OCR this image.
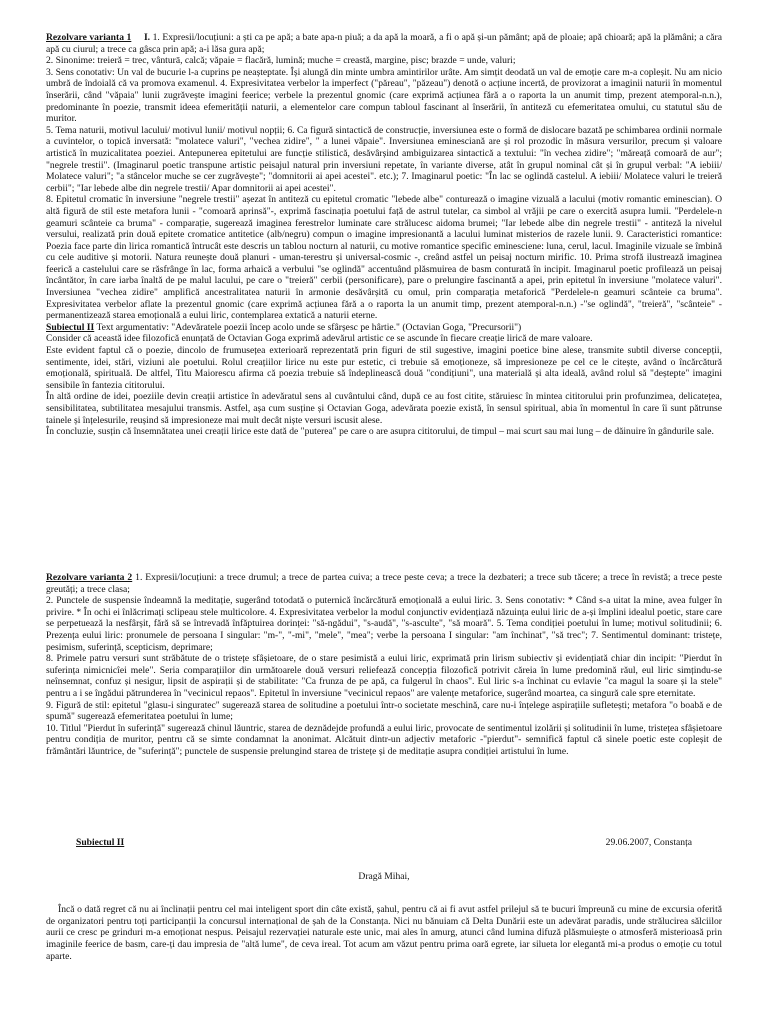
Rezolvare varianta 1 I. 1. Expresii/locuțiuni: a ști ca pe apă; a bate apa-n piuă; a da apă la moară, a fi o apă și-un pământ; apă de ploaie; apă chioară; apă la plămâni; a căra apă cu ciurul; a trece ca gâsca prin apă; a-i lăsa gura apă;

2. Sinonime: treieră = trec, vânturā, calcă; văpaie = flacără, lumină; muche = creastă, margine, pisc; brazde = unde, valuri;

3. Sens conotativ: Un val de bucurie l-a cuprins pe neașteptate. Își alungă din minte umbra amintirilor urâte. Am simțit deodată un val de emoție care m-a copleșit. Nu am nicio umbră de îndoială că va promova examenul. 4. Expresivitatea verbelor la imperfect ("păreau", "păzeau") denotă o acțiune incertă, de provizorat a imaginii naturii în momentul înserării, când "văpaia" lunii zugrăvește imagini feerice; verbele la prezentul gnomic (care exprimă acțiunea fără a o raporta la un anumit timp, prezent atemporal-n.n.), predominante în poezie, transmit ideea efemerității naturii, a elementelor care compun tabloul fascinant al înserării, în antiteză cu efemeritatea omului, cu statutul său de muritor.

5. Tema naturii, motivul lacului/ motivul lunii/ motivul nopții; 6. Ca figură sintactică de construcție, inversiunea este o formă de dislocare bazată pe schimbarea ordinii normale a cuvintelor, o topică inversată: "molatece valuri", "vechea zidire", " a lunei văpaie". Inversiunea eminesciană are și rol prozodic în măsura versurilor, precum și valoare artistică în muzicalitatea poeziei. Antepunerea epitetului are funcție stilistică, desăvârșind ambiguizarea sintactică a textului: "în vechea zidire"; "măreață comoară de aur"; "negrele trestii". (Imaginarul poetic transpune artistic peisajul natural prin inversiuni repetate, în variante diverse, atât în grupul nominal cât și în grupul verbal: "A iebiii/ Molatece valuri"; "a stâncelor muche se cer zugrăvește"; "domnitorii ai apei acestei". etc.); 7. Imaginarul poetic: "În lac se oglindă castelul. A iebiii/ Molatece valuri le treieră cerbii"; "Iar lebede albe din negrele trestii/ Apar domnitorii ai apei acestei".

8. Epitetul cromatic în inversiune "negrele trestii" așezat în antiteză cu epitetul cromatic "lebede albe" conturează o imagine vizuală a lacului (motiv romantic eminescian). O altă figură de stil este metafora lunii - "comoară aprinsă"-, exprimă fascinația poetului față de astrul tutelar, ca simbol al vrăjii pe care o exercită asupra lumii. "Perdelele-n geamuri scânteie ca bruma" - comparație, sugerează imaginea ferestrelor luminate care strălucesc aidoma brumei; "Iar lebede albe din negrele trestii" - antiteză la nivelul versului, realizată prin două epitete cromatice antitetice (alb/negru) compun o imagine impresionantă a lacului luminat misterios de razele lunii. 9. Caracteristici romantice: Poezia face parte din lirica romantică întrucât este descris un tablou nocturn al naturii, cu motive romantice specific eminesciene: luna, cerul, lacul. Imaginile vizuale se îmbină cu cele auditive și motorii. Natura reunește două planuri - uman-terestru și universal-cosmic -, creând astfel un peisaj nocturn mirific. 10. Prima strofă ilustrează imaginea feerică a castelului care se răsfrânge în lac, forma arhaică a verbului "se oglindă" accentuând plăsmuirea de basm conturată în incipit. Imaginarul poetic profilează un peisaj încântător, în care iarba înaltă de pe malul lacului, pe care o "treieră" cerbii (personificare), pare o prelungire fascinantă a apei, prin epitetul în inversiune "molatece valuri". Inversiunea "vechea zidire" amplifică ancestralitatea naturii în armonie desăvârșită cu omul, prin comparația metaforică "Perdelele-n geamuri scânteie ca bruma". Expresivitatea verbelor aflate la prezentul gnomic (care exprimă acțiunea fără a o raporta la un anumit timp, prezent atemporal-n.n.) -"se oglindă", "treieră", "scânteie" - permanentizează starea emoțională a eului liric, contemplarea extatică a naturii eterne.

Subiectul II Text argumentativ: "Adevăratele poezii încep acolo unde se sfârșesc pe hârtie." (Octavian Goga, "Precursorii")

Consider că această idee filozofică enunțată de Octavian Goga exprimă adevărul artistic ce se ascunde în fiecare creație lirică de mare valoare.

Este evident faptul că o poezie, dincolo de frumusețea exterioară reprezentată prin figuri de stil sugestive, imagini poetice bine alese, transmite subtil diverse concepții, sentimente, idei, stări, viziuni ale poetului. Rolul creațiilor lirice nu este pur estetic, ci trebuie să emoționeze, să impresioneze pe cel ce le citește, având o încărcătură emoțională, spirituală. De altfel, Titu Maiorescu afirma că poezia trebuie să îndeplinească două "condițiuni", una materială și alta ideală, având rolul să "deștepte" imagini sensibile în fantezia cititorului.

În altă ordine de idei, poeziile devin creații artistice în adevăratul sens al cuvântului când, după ce au fost citite, stăruiesc în mintea cititorului prin profunzimea, delicatețea, sensibilitatea, subtilitatea mesajului transmis. Astfel, așa cum susține și Octavian Goga, adevărata poezie există, în sensul spiritual, abia în momentul în care îi sunt pătrunse tainele și înțelesurile, reușind să impresioneze mai mult decât niște versuri iscusit alese.

În concluzie, susțin că însemnătatea unei creații lirice este dată de "puterea" pe care o are asupra cititorului, de timpul – mai scurt sau mai lung – de dăinuire în gândurile sale.

Rezolvare varianta 2 1. Expresii/locuțiuni: a trece drumul; a trece de partea cuiva; a trece peste ceva; a trece la dezbateri; a trece sub tăcere; a trece în revistă; a trece peste greutăți; a trece clasa;

2. Punctele de suspensie îndeamnă la meditație, sugerând totodată o puternică încărcătură emoțională a eului liric. 3. Sens conotativ: * Când s-a uitat la mine, avea fulger în privire. * În ochi ei înlăcrimați sclipeau stele multicolore. 4. Expresivitatea verbelor la modul conjunctiv evidențiază năzuința eului liric de a-și împlini idealul poetic, stare care se perpetuează la nesfârșit, fără să se întrevadă înfăptuirea dorinței: "să-ngădui", "s-audă", "s-asculte", "să moară". 5. Tema condiției poetului în lume; motivul solitudinii; 6. Prezența eului liric: pronumele de persoana I singular: "m-", "-mi", "mele", "mea"; verbe la persoana I singular: "am închinat", "să trec"; 7. Sentimentul dominant: tristețe, pesimism, suferință, scepticism, deprimare;

8. Primele patru versuri sunt străbătute de o tristețe sfâșietoare, de o stare pesimistă a eului liric, exprimată prin lirism subiectiv și evidențiată chiar din incipit: "Pierdut în suferința nimicnicîei mele". Seria comparațiilor din următoarele două versuri reliefează concepția filozofică potrivit căreia în lume predomină răul, eul liric simțindu-se neînsemnat, confuz și nesigur, lipsit de aspirații și de stabilitate: "Ca frunza de pe apă, ca fulgerul în chaos". Eul liric s-a închinat cu evlavie "ca magul la soare și la stele" pentru a i se îngădui pătrunderea în "vecinicul repaos". Epitetul în inversiune "vecinicul repaos" are valențe metaforice, sugerând moartea, ca singură cale spre eternitate.

9. Figură de stil: epitetul "glasu-i singuratec" sugerează starea de solitudine a poetului într-o societate meschină, care nu-i înțelege aspirațiile sufletești; metafora "o boabă e de spumă" sugerează efemeritatea poetului în lume;

10. Titlul "Pierdut în suferință" sugerează chinul lăuntric, starea de deznădejde profundă a eului liric, provocate de sentimentul izolării și solitudinii în lume, tristețea sfâșietoare pentru condiția de muritor, pentru că se simte condamnat la anonimat. Alcătuit dintr-un adjectiv metaforic -"pierdut"- semnifică faptul că sinele poetic este copleșit de frământări lăuntrice, de "suferință"; punctele de suspensie prelungind starea de tristețe și de meditație asupra condiției artistului în lume.

Subiectul II	29.06.2007, Constanța

Dragă Mihai,

Încă o dată regret că nu ai înclinații pentru cel mai inteligent sport din câte există, șahul, pentru că ai fi avut astfel prilejul să te bucuri împreună cu mine de excursia oferită de organizatori pentru toți participanții la concursul internațional de șah de la Constanța. Nici nu bănuiam că Delta Dunării este un adevărat paradis, unde strălucirea sălciilor aurii ce cresc pe grinduri m-a emoționat nespus. Peisajul rezervației naturale este unic, mai ales în amurg, atunci când lumina difuză plăsmuiește o atmosferă misterioasă prin imaginile feerice de basm, care-ți dau impresia de "altă lume", de ceva ireal. Tot acum am văzut pentru prima oară egrete, iar silueta lor elegantă mi-a produs o emoție cu totul aparte.
